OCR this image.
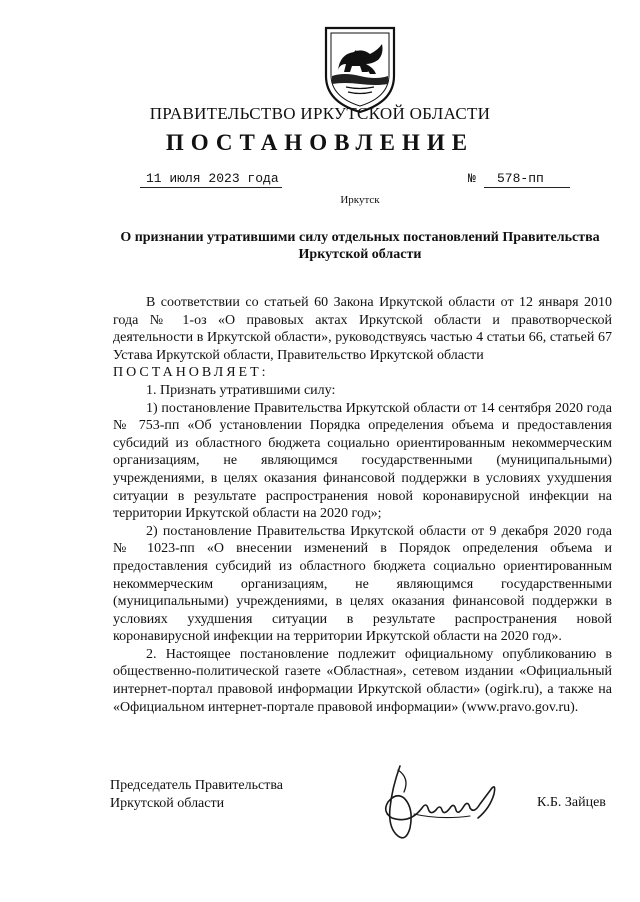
ПРАВИТЕЛЬСТВО ИРКУТСКОЙ ОБЛАСТИ
ПОСТАНОВЛЕНИЕ
11 июля 2023 года	№ 578-пп
Иркутск
О признании утратившими силу отдельных постановлений Правительства Иркутской области

В соответствии со статьей 60 Закона Иркутской области от 12 января 2010 года № 1-оз «О правовых актах Иркутской области и правотворческой деятельности в Иркутской области», руководствуясь частью 4 статьи 66, статьей 67 Устава Иркутской области, Правительство Иркутской области

ПОСТАНОВЛЯЕТ:

1. Признать утратившими силу:

1) постановление Правительства Иркутской области от 14 сентября 2020 года № 753-пп «Об установлении Порядка определения объема и предоставления субсидий из областного бюджета социально ориентированным некоммерческим организациям, не являющимся государственными (муниципальными) учреждениями, в целях оказания финансовой поддержки в условиях ухудшения ситуации в результате распространения новой коронавирусной инфекции на территории Иркутской области на 2020 год»;

2) постановление Правительства Иркутской области от 9 декабря 2020 года № 1023-пп «О внесении изменений в Порядок определения объема и предоставления субсидий из областного бюджета социально ориентированным некоммерческим организациям, не являющимся государственными (муниципальными) учреждениями, в целях оказания финансовой поддержки в условиях ухудшения ситуации в результате распространения новой коронавирусной инфекции на территории Иркутской области на 2020 год».

2. Настоящее постановление подлежит официальному опубликованию в общественно-политической газете «Областная», сетевом издании «Официальный интернет-портал правовой информации Иркутской области» (ogirk.ru), а также на «Официальном интернет-портале правовой информации» (www.pravo.gov.ru).

Председатель Правительства
Иркутской области	К.Б. Зайцев
